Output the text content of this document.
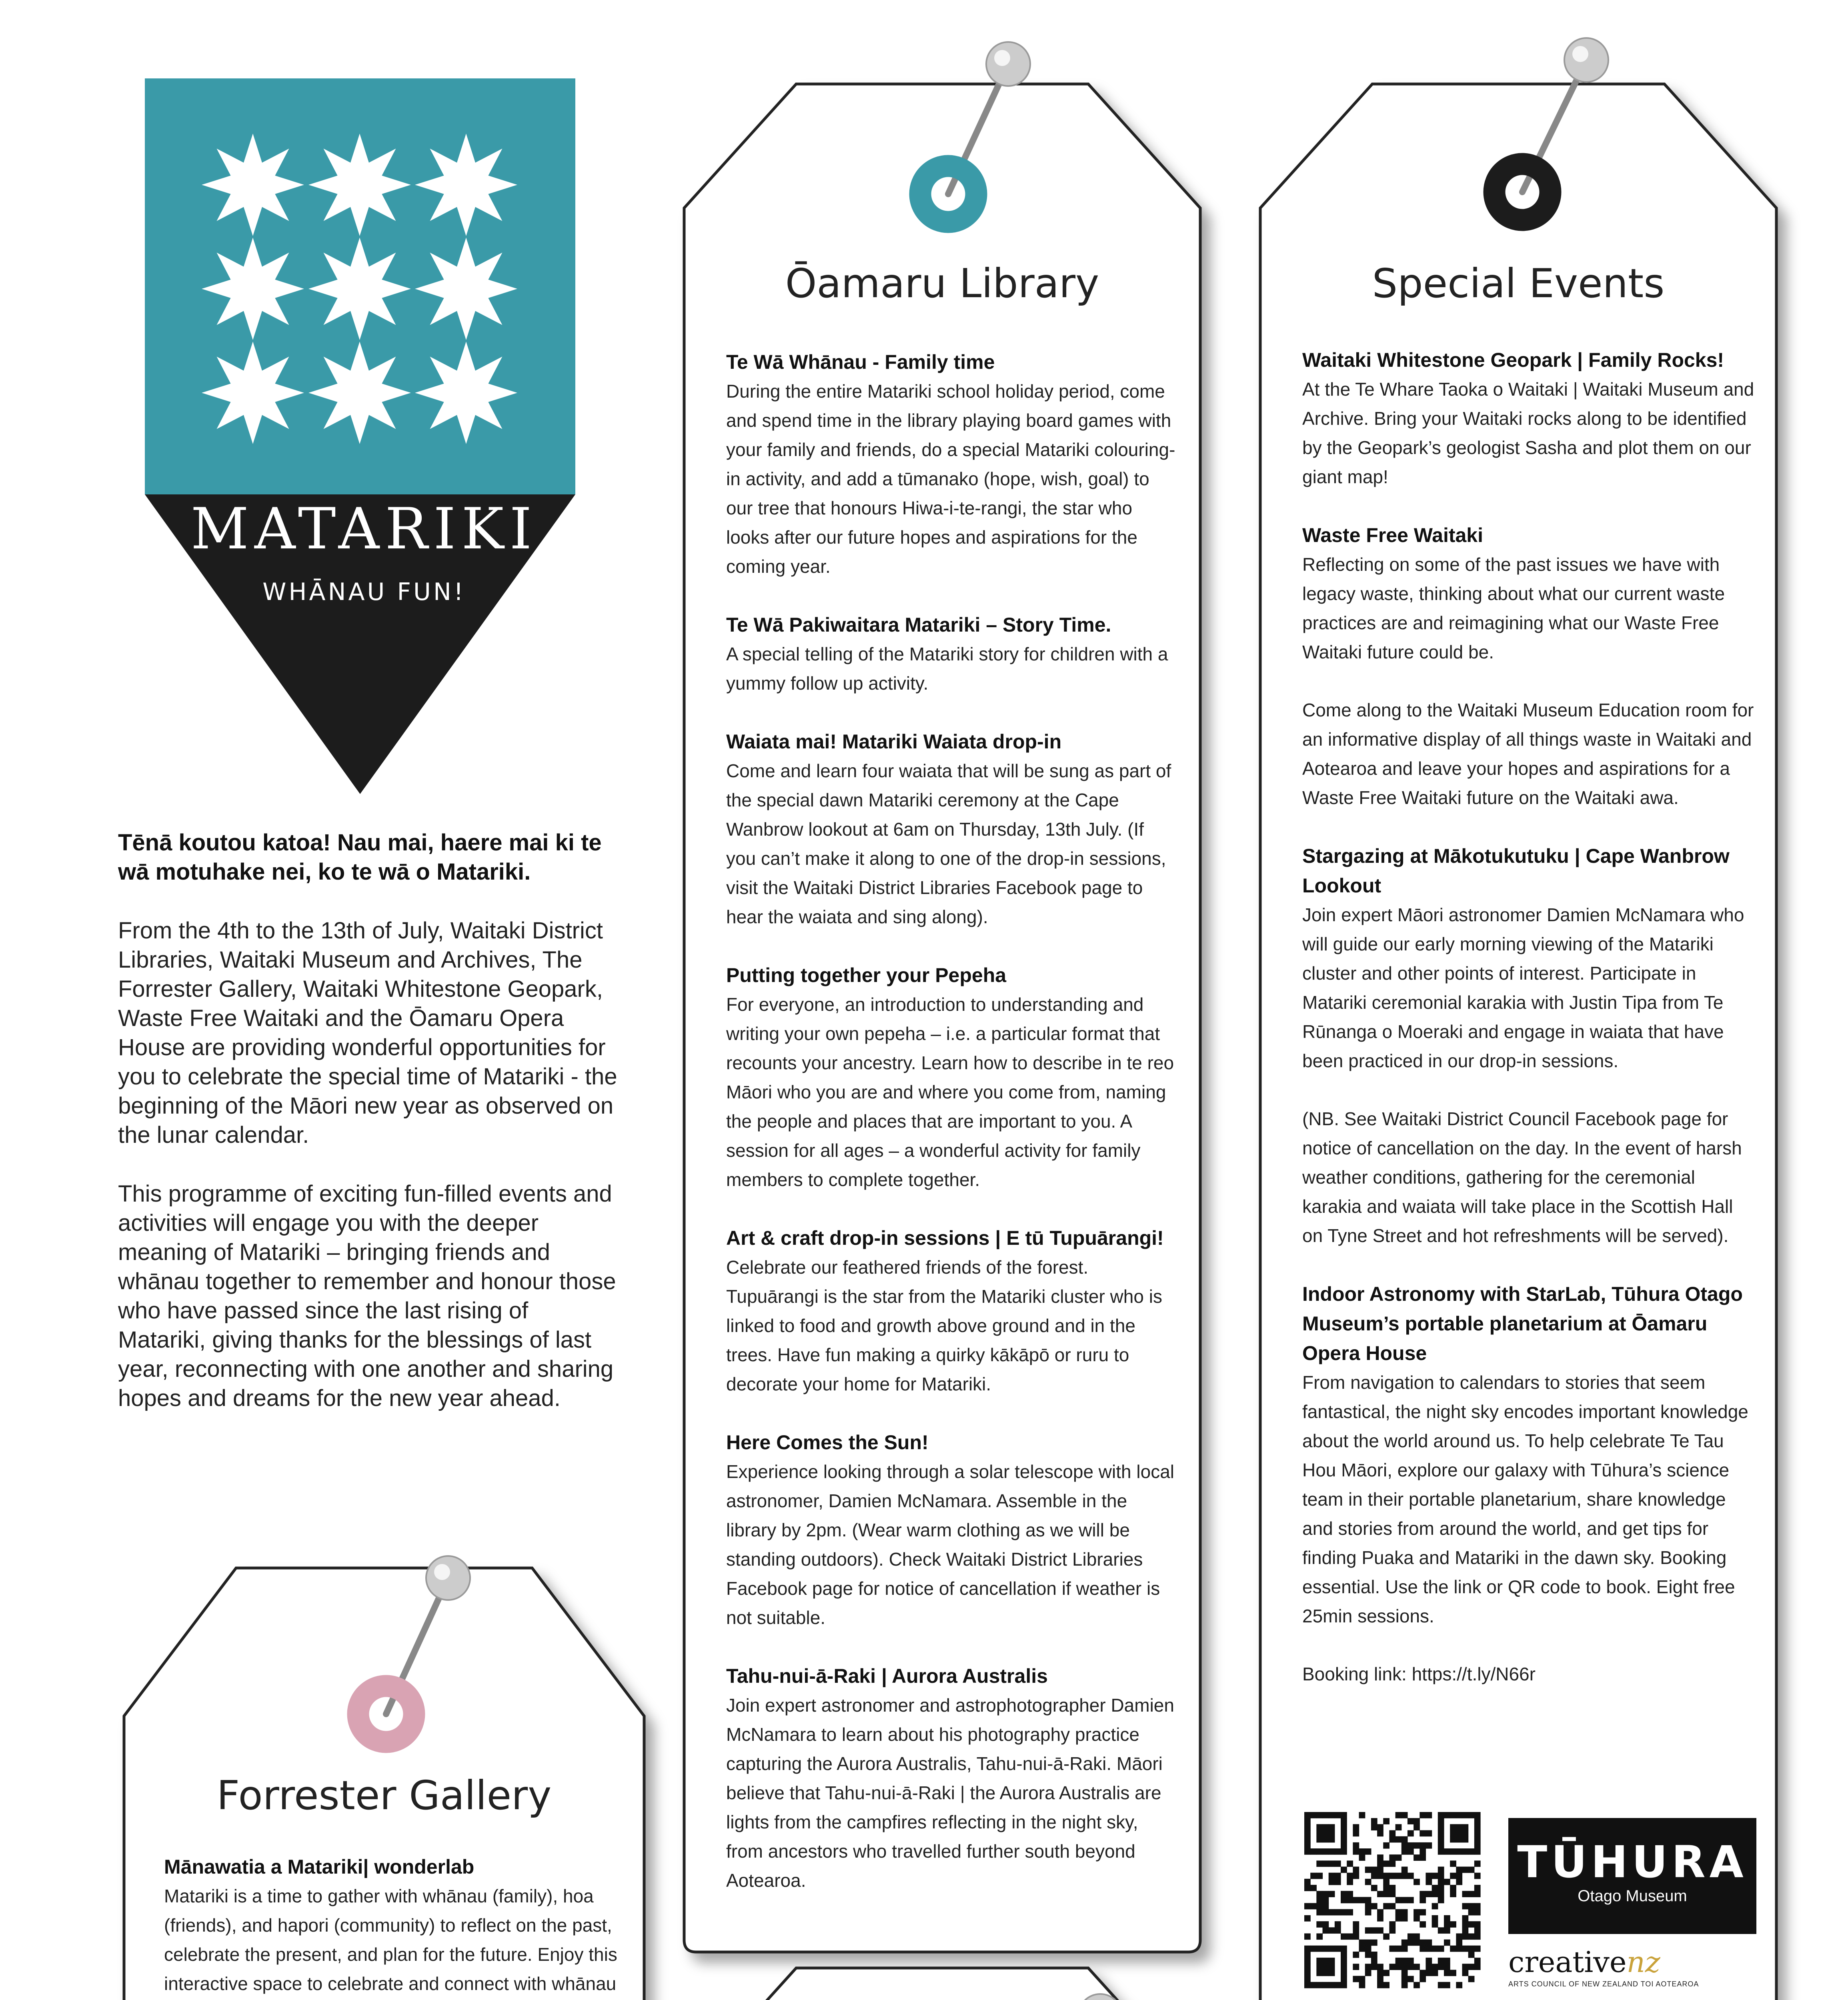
MATARIKI
WHĀNAU FUN!

Tēnā koutou katoa! Nau mai, haere mai ki te wā motuhake nei, ko te wā o Matariki.

From the 4th to the 13th of July, Waitaki District Libraries, Waitaki Museum and Archives, The Forrester Gallery, Waitaki Whitestone Geopark, Waste Free Waitaki and the Ōamaru Opera House are providing wonderful opportunities for you to celebrate the special time of Matariki - the beginning of the Māori new year as observed on the lunar calendar.

This programme of exciting fun-filled events and activities will engage you with the deeper meaning of Matariki – bringing friends and whānau together to remember and honour those who have passed since the last rising of Matariki, giving thanks for the blessings of last year, reconnecting with one another and sharing hopes and dreams for the new year ahead.

Ōamaru Library
Te Wā Whānau - Family time
During the entire Matariki school holiday period, come and spend time in the library playing board games with your family and friends, do a special Matariki colouring-in activity, and add a tūmanako (hope, wish, goal) to our tree that honours Hiwa-i-te-rangi, the star who looks after our future hopes and aspirations for the coming year.
Te Wā Pakiwaitara Matariki – Story Time.
A special telling of the Matariki story for children with a yummy follow up activity.
Waiata mai! Matariki Waiata drop-in
Come and learn four waiata that will be sung as part of the special dawn Matariki ceremony at the Cape Wanbrow lookout at 6am on Thursday, 13th July. (If you can’t make it along to one of the drop-in sessions, visit the Waitaki District Libraries Facebook page to hear the waiata and sing along).
Putting together your Pepeha
For everyone, an introduction to understanding and writing your own pepeha – i.e. a particular format that recounts your ancestry. Learn how to describe in te reo Māori who you are and where you come from, naming the people and places that are important to you. A session for all ages – a wonderful activity for family members to complete together.
Art & craft drop-in sessions | E tū Tupuārangi!
Celebrate our feathered friends of the forest. Tupuārangi is the star from the Matariki cluster who is linked to food and growth above ground and in the trees. Have fun making a quirky kākāpō or ruru to decorate your home for Matariki.
Here Comes the Sun!
Experience looking through a solar telescope with local astronomer, Damien McNamara. Assemble in the library by 2pm. (Wear warm clothing as we will be standing outdoors). Check Waitaki District Libraries Facebook page for notice of cancellation if weather is not suitable.
Tahu-nui-ā-Raki | Aurora Australis
Join expert astronomer and astrophotographer Damien McNamara to learn about his photography practice capturing the Aurora Australis, Tahu-nui-ā-Raki. Māori believe that Tahu-nui-ā-Raki | the Aurora Australis are lights from the campfires reflecting in the night sky, from ancestors who travelled further south beyond Aotearoa.
Special Events
Waitaki Whitestone Geopark | Family Rocks!
At the Te Whare Taoka o Waitaki | Waitaki Museum and Archive. Bring your Waitaki rocks along to be identified by the Geopark’s geologist Sasha and plot them on our giant map!
Waste Free Waitaki
Reflecting on some of the past issues we have with legacy waste, thinking about what our current waste practices are and reimagining what our Waste Free Waitaki future could be.
Come along to the Waitaki Museum Education room for an informative display of all things waste in Waitaki and Aotearoa and leave your hopes and aspirations for a Waste Free Waitaki future on the Waitaki awa.
Stargazing at Mākotukutuku | Cape Wanbrow Lookout
Join expert Māori astronomer Damien McNamara who will guide our early morning viewing of the Matariki cluster and other points of interest. Participate in Matariki ceremonial karakia with Justin Tipa from Te Rūnanga o Moeraki and engage in waiata that have been practiced in our drop-in sessions.
(NB. See Waitaki District Council Facebook page for notice of cancellation on the day. In the event of harsh weather conditions, gathering for the ceremonial karakia and waiata will take place in the Scottish Hall on Tyne Street and hot refreshments will be served).
Indoor Astronomy with StarLab, Tūhura Otago Museum’s portable planetarium at Ōamaru Opera House
From navigation to calendars to stories that seem fantastical, the night sky encodes important knowledge about the world around us. To help celebrate Te Tau Hou Māori, explore our galaxy with Tūhura’s science team in their portable planetarium, share knowledge and stories from around the world, and get tips for finding Puaka and Matariki in the dawn sky. Booking essential. Use the link or QR code to book. Eight free 25min sessions.
Booking link: https://t.ly/N66r
TŪHURA
Otago Museum
creativenz
ARTS COUNCIL OF NEW ZEALAND TOI AOTEAROA
Forrester Gallery
Mānawatia a Matariki| wonderlab
Matariki is a time to gather with whānau (family), hoa (friends), and hapori (community) to reflect on the past, celebrate the present, and plan for the future. Enjoy this interactive space to celebrate and connect with whānau
